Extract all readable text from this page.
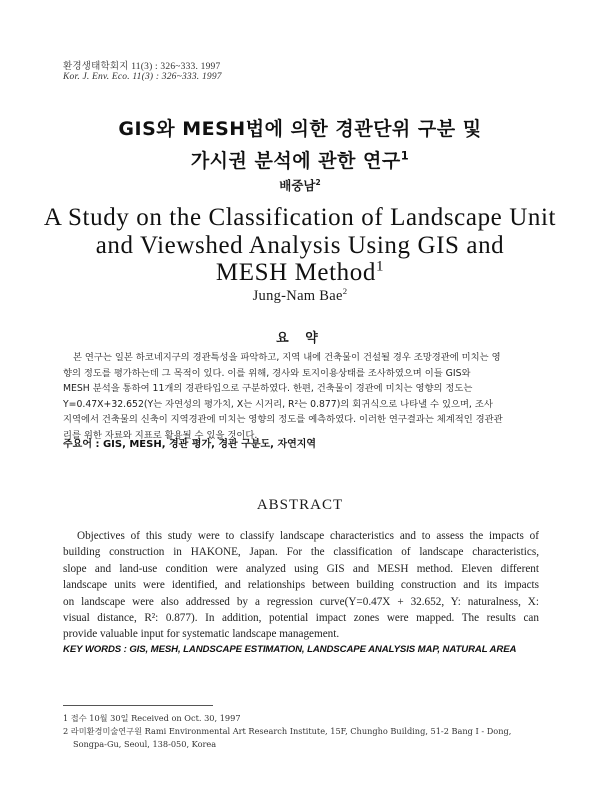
환경생태학회지 11(3) : 326~333. 1997
Kor. J. Env. Eco. 11(3) : 326~333. 1997
GIS와 MESH법에 의한 경관단위 구분 및
가시권 분석에 관한 연구$^1$
배중남$^2$
A Study on the Classification of Landscape Unit
and Viewshed Analysis Using GIS and
MESH Method$^1$
Jung-Nam Bae$^2$
요 약
본 연구는 일본 하코네지구의 경관특성을 파악하고, 지역 내에 건축물이 건설될 경우 조망경관에 미치는 영
향의 정도를 평가하는데 그 목적이 있다. 이를 위해, 경사와 토지이용상태를 조사하였으며 이들 GIS와
MESH 분석을 통하여 11개의 경관타입으로 구분하였다. 한편, 건축물이 경관에 미치는 영향의 정도는
Y=0.47X+32.652(Y는 자연성의 평가치, X는 시거리, R²는 0.877)의 회귀식으로 나타낼 수 있으며, 조사
지역에서 건축물의 신축이 지역경관에 미치는 영향의 정도를 예측하였다. 이러한 연구결과는 체계적인 경관관
리를 위한 자료와 지표로 활용될 수 있을 것이다.
주요어 : GIS, MESH, 경관 평가, 경관 구분도, 자연지역
ABSTRACT
Objectives of this study were to classify landscape characteristics and to assess the impacts of
building construction in HAKONE, Japan. For the classification of landscape characteristics,
slope and land-use condition were analyzed using GIS and MESH method. Eleven different
landscape units were identified, and relationships between building construction and its impacts
on landscape were also addressed by a regression curve(Y=0.47X + 32.652, Y: naturalness, X:
visual distance, R²: 0.877). In addition, potential impact zones were mapped. The results can
provide valuable input for systematic landscape management.
KEY WORDS : GIS, MESH, LANDSCAPE ESTIMATION, LANDSCAPE ANALYSIS MAP, NATURAL AREA
1 접수 10월 30일 Received on Oct. 30, 1997
2 라미환경미술연구원 Rami Environmental Art Research Institute, 15F, Chungho Building, 51-2 Bang I - Dong,
Songpa-Gu, Seoul, 138-050, Korea
